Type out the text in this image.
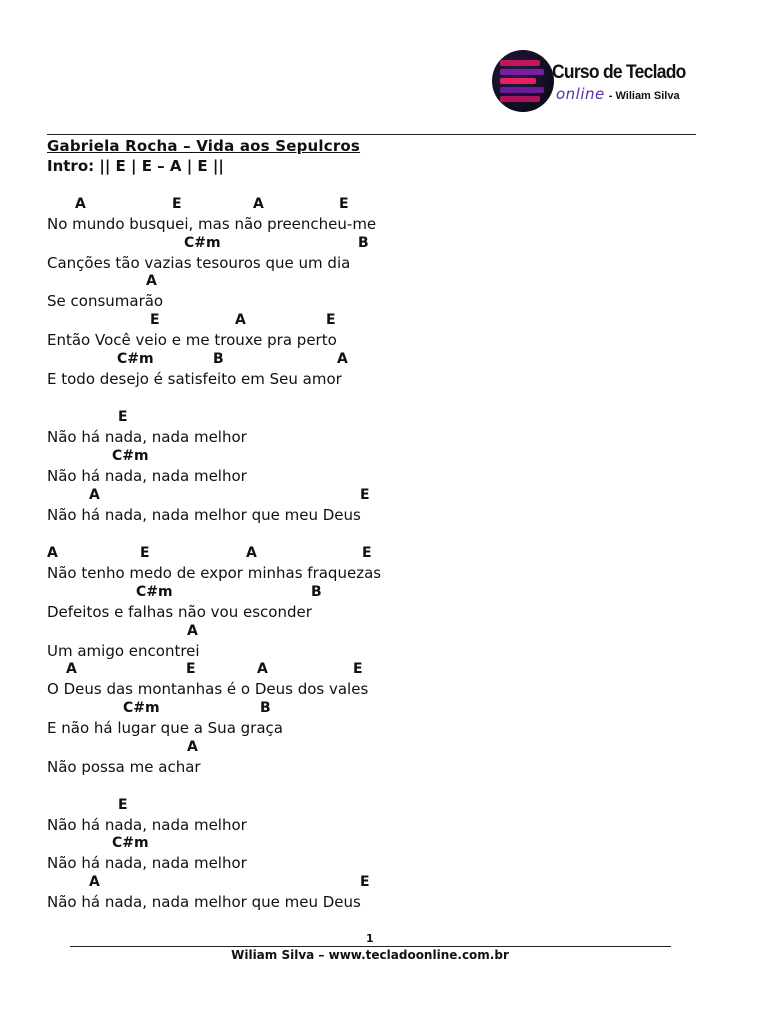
Curso de Teclado
online - Wiliam Silva
Gabriela Rocha – Vida aos Sepulcros
Intro: || E | E – A | E ||
A	E	A	E
No mundo busquei, mas não preencheu-me
C#m	B
Canções tão vazias tesouros que um dia
A
Se consumarão
E	A	E
Então Você veio e me trouxe pra perto
C#m	B	A
E todo desejo é satisfeito em Seu amor
E
Não há nada, nada melhor
C#m
Não há nada, nada melhor
A	E
Não há nada, nada melhor que meu Deus
A	E	A	E
Não tenho medo de expor minhas fraquezas
C#m	B
Defeitos e falhas não vou esconder
A
Um amigo encontrei
A	E	A	E
O Deus das montanhas é o Deus dos vales
C#m	B
E não há lugar que a Sua graça
A
Não possa me achar
E
Não há nada, nada melhor
C#m
Não há nada, nada melhor
A	E
Não há nada, nada melhor que meu Deus
1
Wiliam Silva – www.tecladoonline.com.br
